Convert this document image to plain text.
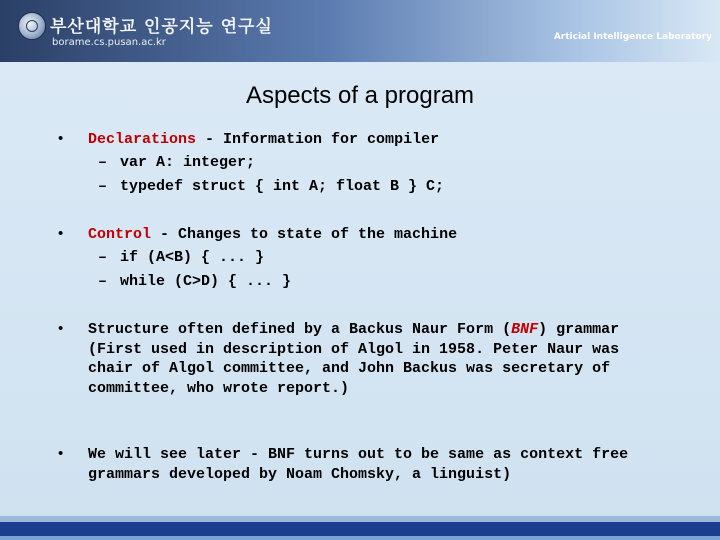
부산대학교 인공지능 연구실
borame.cs.pusan.ac.kr	Articial Intelligence Laboratory
Aspects of a program
• Declarations - Information for compiler
– var A: integer;
– typedef struct { int A; float B } C;
• Control - Changes to state of the machine
– if (A<B) { ... }
– while (C>D) { ... }
• Structure often defined by a Backus Naur Form (BNF) grammar (First used in description of Algol in 1958. Peter Naur was chair of Algol committee, and John Backus was secretary of committee, who wrote report.)
• We will see later - BNF turns out to be same as context free grammars developed by Noam Chomsky, a linguist)
